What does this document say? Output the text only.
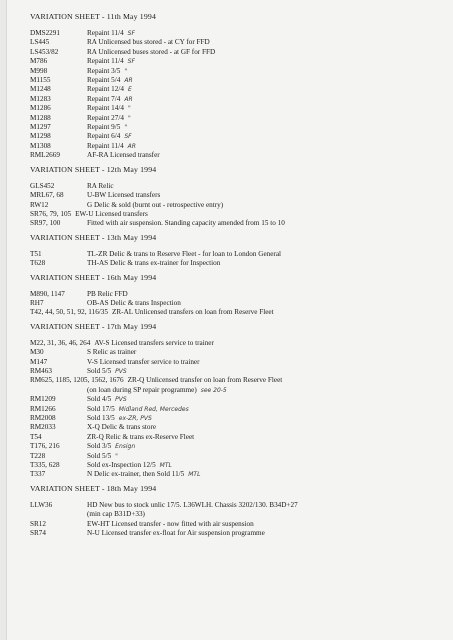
VARIATION SHEET - 11th May 1994
DMS2291	Repaint 11/4 SF
LS445	RA Unlicensed bus stored - at CY for FFD
LS453/82	RA Unlicensed buses stored - at GF for FFD
M786	Repaint 11/4 SF
M998	Repaint 3/5 "
M1155	Repaint 5/4 AR
M1248	Repaint 12/4 E
M1283	Repaint 7/4 AR
M1286	Repaint 14/4 "
M1288	Repaint 27/4 "
M1297	Repaint 9/5 "
M1298	Repaint 6/4 SF
M1308	Repaint 11/4 AR
RML2669	AF-RA Licensed transfer
VARIATION SHEET - 12th May 1994
GLS452	RA Relic
MRL67, 68	U-BW Licensed transfers
RW12	G Delic & sold (burnt out - retrospective entry)
SR76, 79, 105 EW-U Licensed transfers
SR97, 100	Fitted with air suspension. Standing capacity amended from 15 to 10
VARIATION SHEET - 13th May 1994
T51	TL-ZR Delic & trans to Reserve Fleet - for loan to London General
T628	TH-AS Delic & trans ex-trainer for Inspection
VARIATION SHEET - 16th May 1994
M890, 1147	PB Relic FFD
RH7	OB-AS Delic & trans Inspection
T42, 44, 50, 51, 92, 116/35 ZR-AL Unlicensed transfers on loan from Reserve Fleet
VARIATION SHEET - 17th May 1994
M22, 31, 36, 46, 264 AV-S Licensed transfers service to trainer
M30	S Relic as trainer
M147	V-S Licensed transfer service to trainer
RM463	Sold 5/5 PVS
RM625, 1185, 1205, 1562, 1676 ZR-Q Unlicensed transfer on loan from Reserve Fleet
(on loan during SP repair programme) see 20-5
RM1209	Sold 4/5 PVS
RM1266	Sold 17/5 Midland Red, Mercedes
RM2008	Sold 13/5 ex-ZR, PVS
RM2033	X-Q Delic & trans store
T54	ZR-Q Relic & trans ex-Reserve Fleet
T176, 216	Sold 3/5 Ensign
T228	Sold 5/5 "
T335, 628	Sold ex-Inspection 12/5 MTL
T337	N Delic ex-trainer, then Sold 11/5 MTL
VARIATION SHEET - 18th May 1994
LLW36	HD New bus to stock unlic 17/5. L36WLH. Chassis 3202/130. B34D+27
(min cap B31D+33)
SR12	EW-HT Licensed transfer - now fitted with air suspension
SR74	N-U Licensed transfer ex-float for Air suspension programme
